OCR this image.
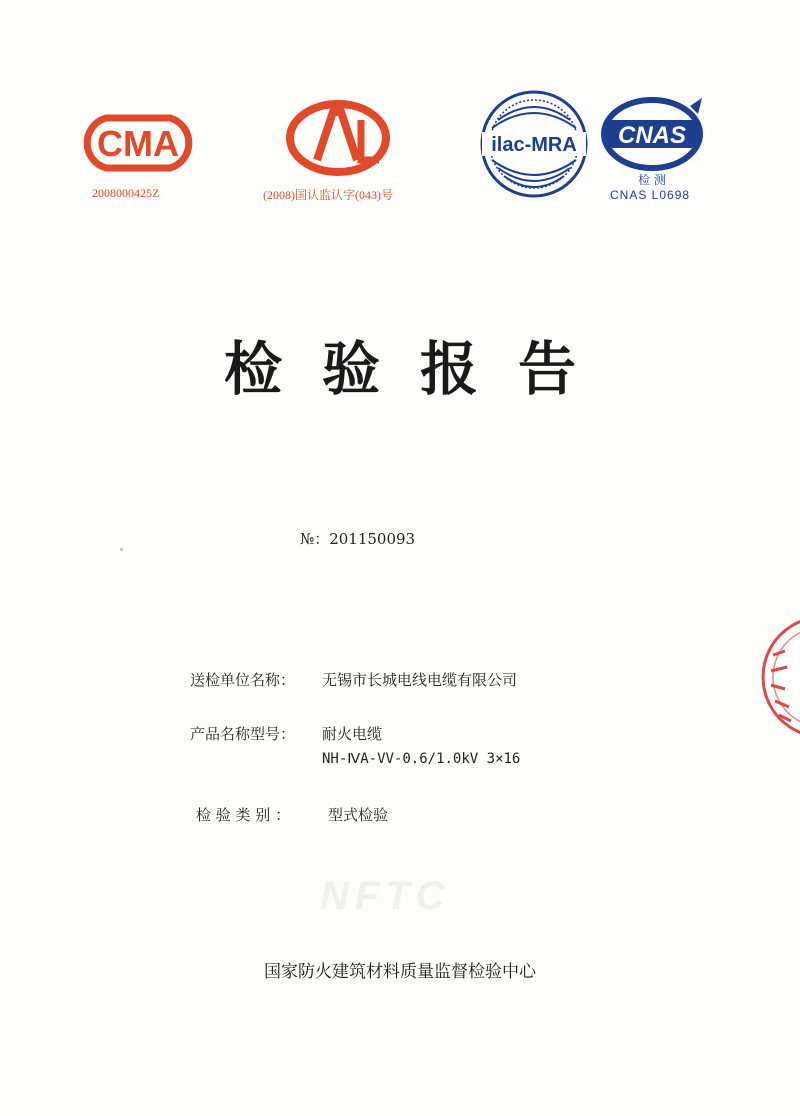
CMA
2008000425Z
CAL
(2008)国认监认字(043)号
ilac-MRA CNAS
检 测
CNAS L0698
检验报告
№：201150093
送检单位名称： 无锡市长城电线电缆有限公司
产品名称型号： 耐火电缆
NH-ⅣA-VV-0.6/1.0kV 3×16
检 验 类 别 ：	型式检验
NFTC
国家防火建筑材料质量监督检验中心
